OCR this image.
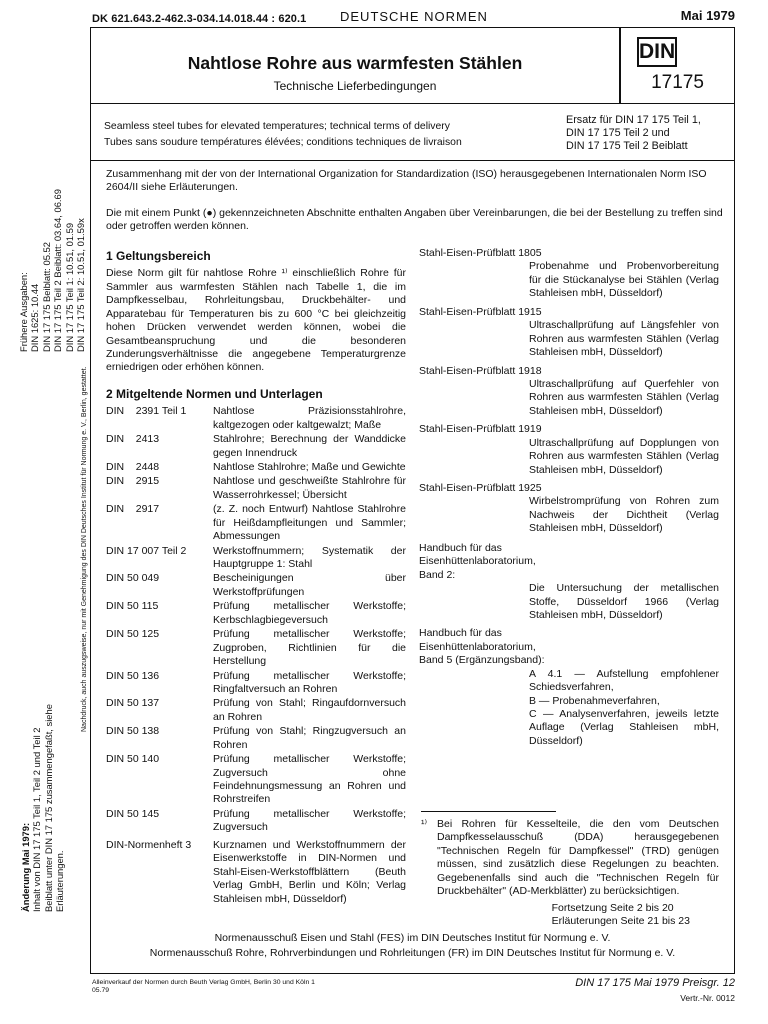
DK 621.643.2-462.3-034.14.018.44 : 620.1	DEUTSCHE NORMEN	Mai 1979
Frühere Ausgaben: DIN 1625: 10.44 DIN 17 175 Beiblatt: 05.52 DIN 17 175 Teil 2 Beiblatt: 03.64, 06.69 DIN 17 175 Teil 1: 10.51, 01.59 DIN 17 175 Teil 2: 10.51, 01.59x
Nachdruck, auch auszugsweise, nur mit Genehmigung des DIN Deutsches Institut für Normung e. V., Berlin, gestattet.
Änderung Mai 1979: Inhalt von DIN 17 175 Teil 1, Teil 2 und Teil 2 Beiblatt unter DIN 17 175 zusammengefaßt, siehe Erläuterungen.
Nahtlose Rohre aus warmfesten Stählen
Technische Lieferbedingungen
DIN
17175
Seamless steel tubes for elevated temperatures; technical terms of delivery
Tubes sans soudure températures élévées; conditions techniques de livraison
Ersatz für DIN 17 175 Teil 1,
DIN 17 175 Teil 2 und
DIN 17 175 Teil 2 Beiblatt
Zusammenhang mit der von der International Organization for Standardization (ISO) herausgegebenen Internationalen Norm ISO 2604/II siehe Erläuterungen.
Die mit einem Punkt (●) gekennzeichneten Abschnitte enthalten Angaben über Vereinbarungen, die bei der Bestellung zu treffen sind oder getroffen werden können.
1 Geltungsbereich
Diese Norm gilt für nahtlose Rohre ¹⁾ einschließlich Rohre für Sammler aus warmfesten Stählen nach Tabelle 1, die im Dampfkesselbau, Rohrleitungsbau, Druckbehälter- und Apparatebau für Temperaturen bis zu 600 °C bei gleichzeitig hohen Drücken verwendet werden können, wobei die Gesamtbeanspruchung und die besonderen Zunderungsverhältnisse die angegebene Temperaturgrenze erniedrigen oder erhöhen können.
2 Mitgeltende Normen und Unterlagen
DIN    2391 Teil 1	Nahtlose Präzisionsstahlrohre, kaltgezogen oder kaltgewalzt; Maße
DIN    2413	Stahlrohre; Berechnung der Wanddicke gegen Innendruck
DIN    2448	Nahtlose Stahlrohre; Maße und Gewichte
DIN    2915	Nahtlose und geschweißte Stahlrohre für Wasserrohrkessel; Übersicht
DIN    2917	(z. Z. noch Entwurf) Nahtlose Stahlrohre für Heißdampfleitungen und Sammler; Abmessungen
DIN 17 007 Teil 2	Werkstoffnummern; Systematik der Hauptgruppe 1: Stahl
DIN 50 049	Bescheinigungen über Werkstoffprüfungen
DIN 50 115	Prüfung metallischer Werkstoffe; Kerbschlagbiegeversuch
DIN 50 125	Prüfung metallischer Werkstoffe; Zugproben, Richtlinien für die Herstellung
DIN 50 136	Prüfung metallischer Werkstoffe; Ringfaltversuch an Rohren
DIN 50 137	Prüfung von Stahl; Ringaufdornversuch an Rohren
DIN 50 138	Prüfung von Stahl; Ringzugversuch an Rohren
DIN 50 140	Prüfung metallischer Werkstoffe; Zugversuch ohne Feindehnungsmessung an Rohren und Rohrstreifen
DIN 50 145	Prüfung metallischer Werkstoffe; Zugversuch
DIN-Normenheft 3	Kurznamen und Werkstoffnummern der Eisenwerkstoffe in DIN-Normen und Stahl-Eisen-Werkstoffblättern (Beuth Verlag GmbH, Berlin und Köln; Verlag Stahleisen mbH, Düsseldorf)
Stahl-Eisen-Prüfblatt 1805
Probenahme und Probenvorbereitung für die Stückanalyse bei Stählen (Verlag Stahleisen mbH, Düsseldorf)
Stahl-Eisen-Prüfblatt 1915
Ultraschallprüfung auf Längsfehler von Rohren aus warmfesten Stählen (Verlag Stahleisen mbH, Düsseldorf)
Stahl-Eisen-Prüfblatt 1918
Ultraschallprüfung auf Querfehler von Rohren aus warmfesten Stählen (Verlag Stahleisen mbH, Düsseldorf)
Stahl-Eisen-Prüfblatt 1919
Ultraschallprüfung auf Dopplungen von Rohren aus warmfesten Stählen (Verlag Stahleisen mbH, Düsseldorf)
Stahl-Eisen-Prüfblatt 1925
Wirbelstromprüfung von Rohren zum Nachweis der Dichtheit (Verlag Stahleisen mbH, Düsseldorf)
Handbuch für das
Eisenhüttenlaboratorium,
Band 2:
Die Untersuchung der metallischen Stoffe, Düsseldorf 1966 (Verlag Stahleisen mbH, Düsseldorf)
Handbuch für das
Eisenhüttenlaboratorium,
Band 5 (Ergänzungsband):
A 4.1 — Aufstellung empfohlener Schiedsverfahren,
B — Probenahmeverfahren,
C — Analysenverfahren, jeweils letzte Auflage (Verlag Stahleisen mbH, Düsseldorf)
¹⁾ Bei Rohren für Kesselteile, die den vom Deutschen Dampfkesselausschuß (DDA) herausgegebenen "Technischen Regeln für Dampfkessel" (TRD) genügen müssen, sind zusätzlich diese Regelungen zu beachten. Gegebenenfalls sind auch die "Technischen Regeln für Druckbehälter" (AD-Merkblätter) zu berücksichtigen.
Fortsetzung Seite 2 bis 20
Erläuterungen Seite 21 bis 23
Normenausschuß Eisen und Stahl (FES) im DIN Deutsches Institut für Normung e. V.
Normenausschuß Rohre, Rohrverbindungen und Rohrleitungen (FR) im DIN Deutsches Institut für Normung e. V.
Alleinverkauf der Normen durch Beuth Verlag GmbH, Berlin 30 und Köln 1
05.79
DIN 17 175 Mai 1979 Preisgr. 12
Vertr.-Nr. 0012
